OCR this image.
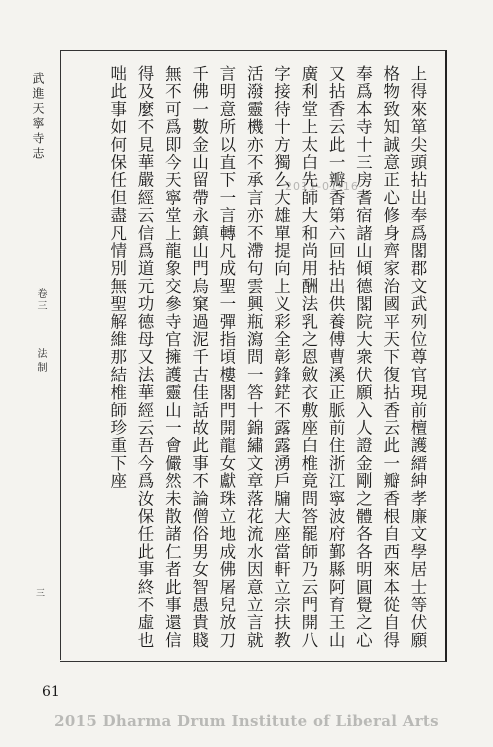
武進天寧寺志
卷三
法制
三	上得來箪尖頭拈出奉爲閣郡文武列位尊官現前檀護縉紳孝廉文學居士等伏願
格物致知誠意正心修身齊家治國平天下復拈香云此一瓣香根自西來本從自得
奉爲本寺十三房耆宿諸山傾德閣院大衆伏願入人證金剛之體各各明圓覺之心
又拈香云此一瓣香第六回拈出供養傅曹溪正脈前住浙江寧波府鄞縣阿育王山
廣利堂上太白先師大和尚用酬法乳之恩斂衣敷座白椎竟問答罷師乃云門開八
字接待十方獨么大雄單提向上义彩全彰鋒鋩不露露湧戶牖大座當軒立宗扶教
活潑靈機亦不承言亦不滯句雲興瓶瀉問一答十錦繡文章落花流水因意立言就
言明意所以直下一言轉凡成聖一彈指頃樓閣門開龍女獻珠立地成佛屠兒放刀
千佛一數金山留帶永鎮山門烏窠過泥千古佳話故此事不論僧俗男女智愚貴賤
無不可爲即今天寧堂上龍象交參寺官擁護靈山一會儼然未散諸仁者此事還信
得及麼不見華嚴經云信爲道元功德母又法華經云吾今爲汝保任此事終不虛也
咄此事如何保任但盡凡情別無聖解維那結椎師珍重下座	2011-01-16
61
2015 Dharma Drum Institute of Liberal Arts
